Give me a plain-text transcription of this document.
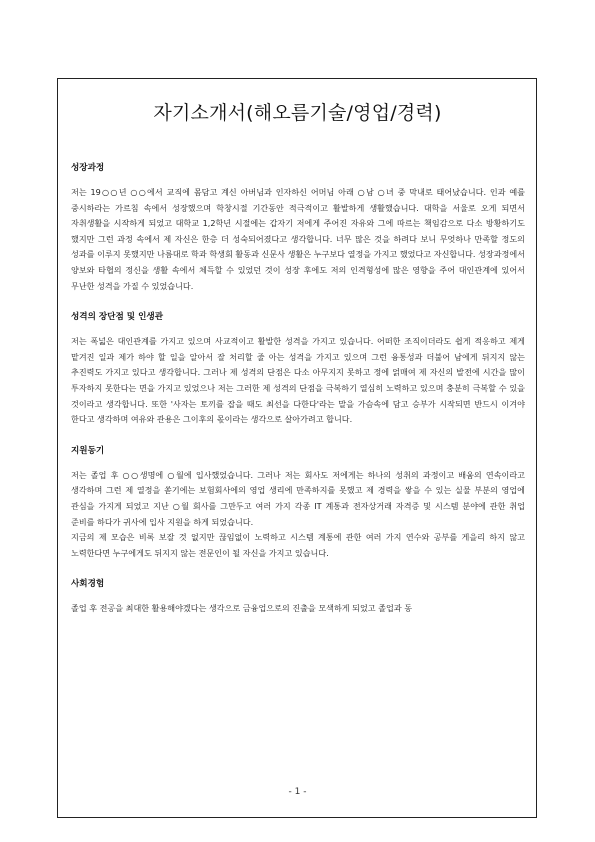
자기소개서(해오름기술/영업/경력)

성장과정

저는 19○○년 ○○에서 교직에 몸담고 계신 아버님과 인자하신 어머님 아래 ○남 ○녀 중 막내로 태어났습니다. 인과 예를 중시하라는 가르침 속에서 성장했으며 학창시절 기간동안 적극적이고 활발하게 생활했습니다. 대학을 서울로 오게 되면서 자취생활을 시작하게 되었고 대학교 1,2학년 시절에는 갑자기 저에게 주어진 자유와 그에 따르는 책임감으로 다소 방황하기도 했지만 그런 과정 속에서 제 자신은 한층 더 성숙되어졌다고 생각합니다. 너무 많은 것을 하려다 보니 무엇하나 만족할 정도의 성과를 이루지 못했지만 나름대로 학과 학생회 활동과 신문사 생활은 누구보다 열정을 가지고 했었다고 자신합니다. 성장과정에서 양보와 타협의 정신을 생활 속에서 체득할 수 있었던 것이 성장 후에도 저의 인격형성에 많은 영향을 주어 대인관계에 있어서 무난한 성격을 가질 수 있었습니다.

성격의 장단점 및 인생관

저는 폭넓은 대인관계를 가지고 있으며 사교적이고 활발한 성격을 가지고 있습니다. 어떠한 조직이더라도 쉽게 적응하고 제게 맡겨진 일과 제가 하야 할 일을 알아서 잘 처리할 줄 아는 성격을 가지고 있으며 그런 융통성과 더불어 남에게 뒤지지 않는 추진력도 가지고 있다고 생각합니다. 그러나 제 성격의 단점은 다소 아무지지 못하고 정에 얽매여 제 자신의 발전에 시간을 많이 투자하지 못한다는 면을 가지고 있었으나 저는 그러한 제 성격의 단점을 극복하기 열심히 노력하고 있으며 충분히 극복할 수 있을 것이라고 생각합니다. 또한 '사자는 토끼를 잡을 때도 최선을 다한다'라는 말을 가슴속에 담고 승부가 시작되면 반드시 이겨야 한다고 생각하며 여유와 관용은 그이후의 몫이라는 생각으로 살아가려고 합니다.

지원동기

저는 졸업 후 ○○생명에 ○월에 입사했었습니다. 그러나 저는 회사도 저에게는 하나의 성취의 과정이고 배움의 연속이라고 생각하며 그런 제 열정을 쏟기에는 보험회사에의 영업 생리에 만족하지를 못했고 제 경력을 쌓을 수 있는 실물 부분의 영업에 관심을 가지게 되었고 지난 ○월 회사를 그만두고 여러 가지 각종 IT 계통과 전자상거래 자격증 및 시스템 분야에 관한 취업 준비를 하다가 귀사에 입사 지원을 하게 되었습니다.

지금의 제 모습은 비록 보잘 것 없지만 끊임없이 노력하고 시스템 계통에 관한 여러 가지 연수와 공부를 게을리 하지 않고 노력한다면 누구에게도 뒤지지 않는 전문인이 될 자신을 가지고 있습니다.

사회경험

졸업 후 전공을 최대한 활용해야겠다는 생각으로 금융업으로의 진출을 모색하게 되었고 졸업과 동

- 1 -
